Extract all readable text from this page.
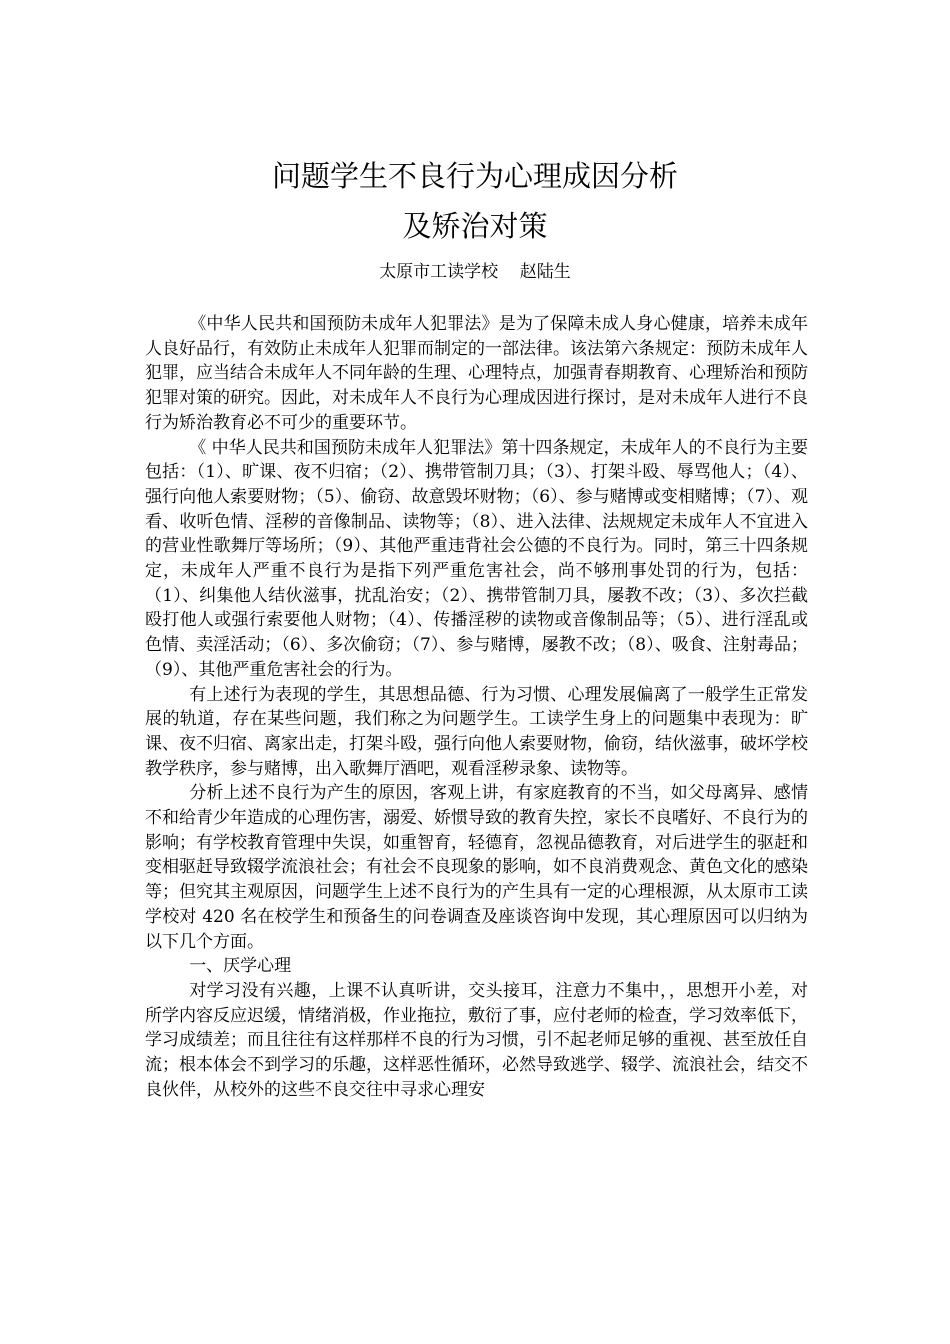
问题学生不良行为心理成因分析
及矫治对策
太原市工读学校    赵陆生

《中华人民共和国预防未成年人犯罪法》是为了保障未成人身心健康，培养未成年人良好品行，有效防止未成年人犯罪而制定的一部法律。该法第六条规定：预防未成年人犯罪，应当结合未成年人不同年龄的生理、心理特点，加强青春期教育、心理矫治和预防犯罪对策的研究。因此，对未成年人不良行为心理成因进行探讨，是对未成年人进行不良行为矫治教育必不可少的重要环节。

《 中华人民共和国预防未成年人犯罪法》第十四条规定，未成年人的不良行为主要包括：（1）、旷课、夜不归宿；（2）、携带管制刀具；（3）、打架斗殴、辱骂他人；（4）、强行向他人索要财物；（5）、偷窃、故意毁坏财物；（6）、参与赌博或变相赌博；（7）、观看、收听色情、淫秽的音像制品、读物等；（8）、进入法律、法规规定未成年人不宜进入的营业性歌舞厅等场所；（9）、其他严重违背社会公德的不良行为。同时，第三十四条规定，未成年人严重不良行为是指下列严重危害社会，尚不够刑事处罚的行为，包括：（1）、纠集他人结伙滋事，扰乱治安；（2）、携带管制刀具，屡教不改；（3）、多次拦截殴打他人或强行索要他人财物；（4）、传播淫秽的读物或音像制品等；（5）、进行淫乱或色情、卖淫活动；（6）、多次偷窃；（7）、参与赌博，屡教不改；（8）、吸食、注射毒品；（9）、其他严重危害社会的行为。

有上述行为表现的学生，其思想品德、行为习惯、心理发展偏离了一般学生正常发展的轨道，存在某些问题，我们称之为问题学生。工读学生身上的问题集中表现为：旷课、夜不归宿、离家出走，打架斗殴，强行向他人索要财物，偷窃，结伙滋事，破坏学校教学秩序，参与赌博，出入歌舞厅酒吧，观看淫秽录象、读物等。

分析上述不良行为产生的原因，客观上讲，有家庭教育的不当，如父母离异、感情不和给青少年造成的心理伤害，溺爱、娇惯导致的教育失控，家长不良嗜好、不良行为的影响；有学校教育管理中失误，如重智育，轻德育，忽视品德教育，对后进学生的驱赶和变相驱赶导致辍学流浪社会；有社会不良现象的影响，如不良消费观念、黄色文化的感染等；但究其主观原因，问题学生上述不良行为的产生具有一定的心理根源，从太原市工读学校对 420 名在校学生和预备生的问卷调查及座谈咨询中发现，其心理原因可以归纳为以下几个方面。

一、厌学心理

对学习没有兴趣，上课不认真听讲，交头接耳，注意力不集中，，思想开小差，对所学内容反应迟缓，情绪消极，作业拖拉，敷衍了事，应付老师的检查，学习效率低下，学习成绩差；而且往往有这样那样不良的行为习惯，引不起老师足够的重视、甚至放任自流；根本体会不到学习的乐趣，这样恶性循环，必然导致逃学、辍学、流浪社会，结交不良伙伴，从校外的这些不良交往中寻求心理安
